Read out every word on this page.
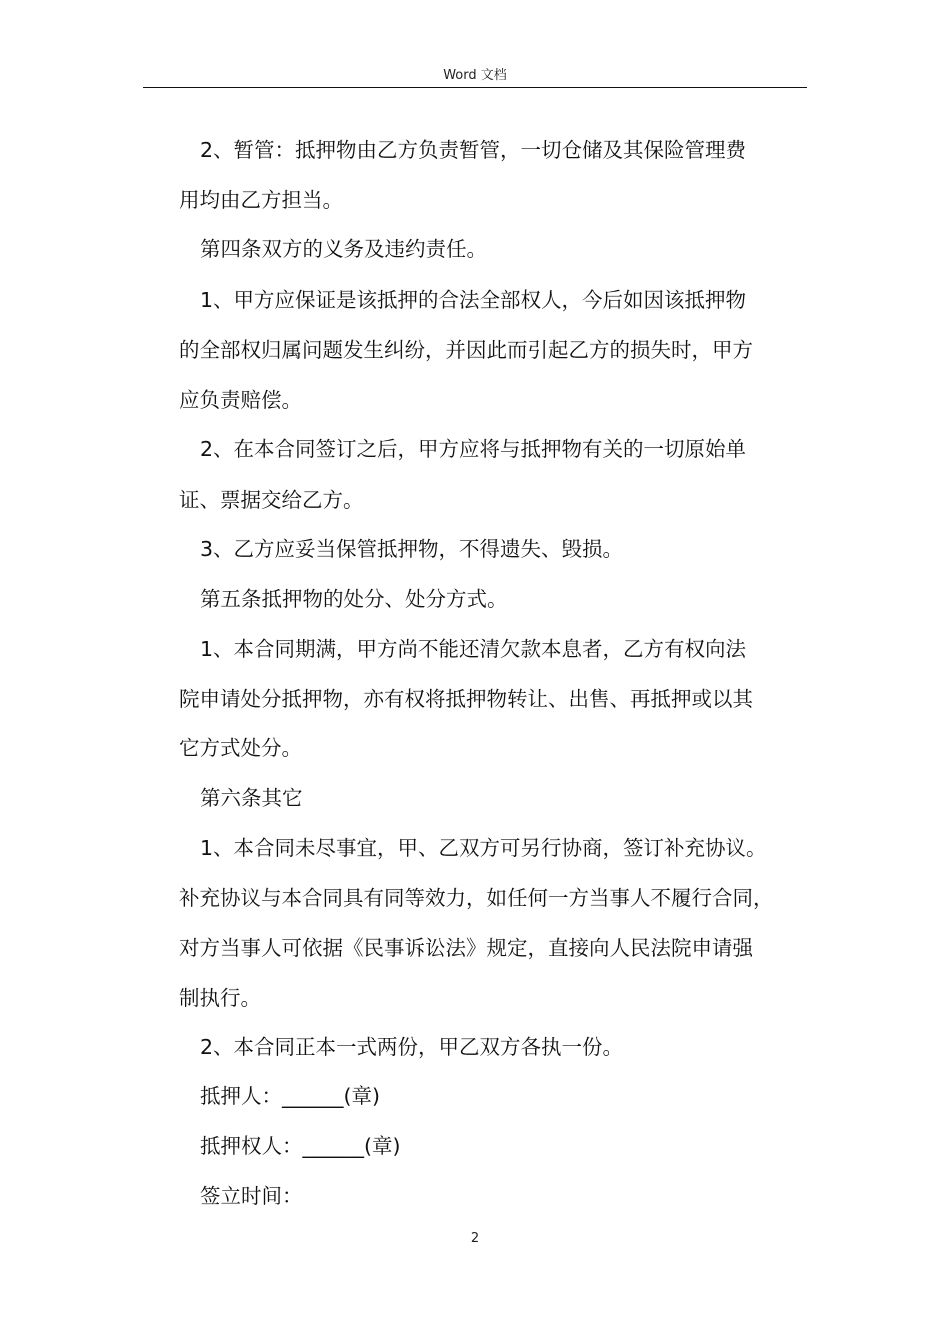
Word 文档
2、暂管：抵押物由乙方负责暂管，一切仓储及其保险管理费
用均由乙方担当。
第四条双方的义务及违约责任。
1、甲方应保证是该抵押的合法全部权人，今后如因该抵押物
的全部权归属问题发生纠纷，并因此而引起乙方的损失时，甲方
应负责赔偿。
2、在本合同签订之后，甲方应将与抵押物有关的一切原始单
证、票据交给乙方。
3、乙方应妥当保管抵押物，不得遗失、毁损。
第五条抵押物的处分、处分方式。
1、本合同期满，甲方尚不能还清欠款本息者，乙方有权向法
院申请处分抵押物，亦有权将抵押物转让、出售、再抵押或以其
它方式处分。
第六条其它
1、本合同未尽事宜，甲、乙双方可另行协商，签订补充协议。
补充协议与本合同具有同等效力，如任何一方当事人不履行合同，
对方当事人可依据《民事诉讼法》规定，直接向人民法院申请强
制执行。
2、本合同正本一式两份，甲乙双方各执一份。
抵押人：______(章)
抵押权人：______(章)
签立时间：
2
